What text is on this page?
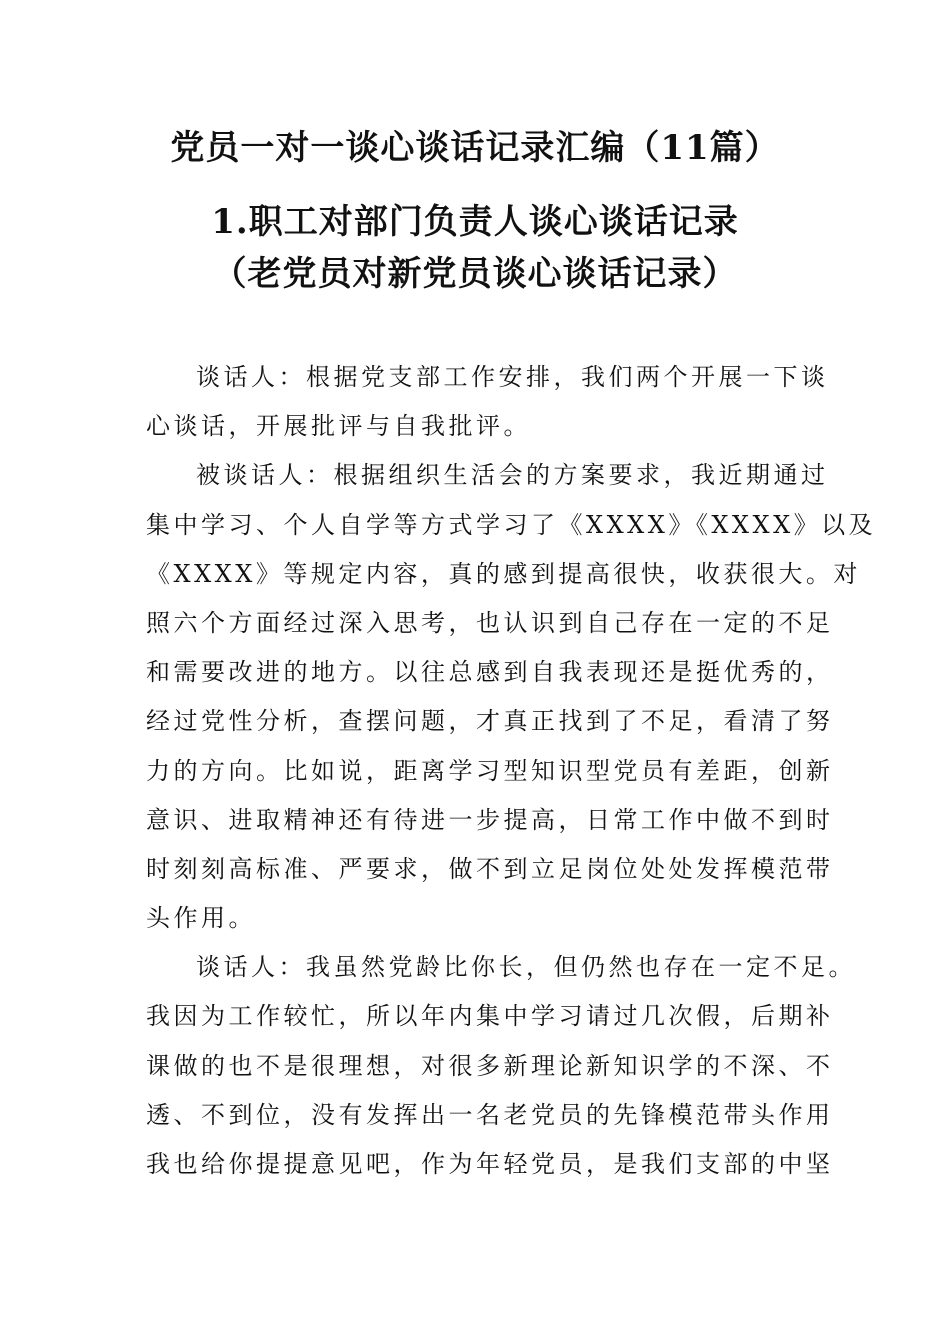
党员一对一谈心谈话记录汇编（11篇）
1.职工对部门负责人谈心谈话记录
（老党员对新党员谈心谈话记录）
谈话人：根据党支部工作安排，我们两个开展一下谈
心谈话，开展批评与自我批评。
被谈话人：根据组织生活会的方案要求，我近期通过
集中学习、个人自学等方式学习了《XXXX》《XXXX》以及
《XXXX》等规定内容，真的感到提高很快，收获很大。对
照六个方面经过深入思考，也认识到自己存在一定的不足
和需要改进的地方。以往总感到自我表现还是挺优秀的，
经过党性分析，查摆问题，才真正找到了不足，看清了努
力的方向。比如说，距离学习型知识型党员有差距，创新
意识、进取精神还有待进一步提高，日常工作中做不到时
时刻刻高标准、严要求，做不到立足岗位处处发挥模范带
头作用。
谈话人：我虽然党龄比你长，但仍然也存在一定不足。
我因为工作较忙，所以年内集中学习请过几次假，后期补
课做的也不是很理想，对很多新理论新知识学的不深、不
透、不到位，没有发挥出一名老党员的先锋模范带头作用
我也给你提提意见吧，作为年轻党员，是我们支部的中坚
